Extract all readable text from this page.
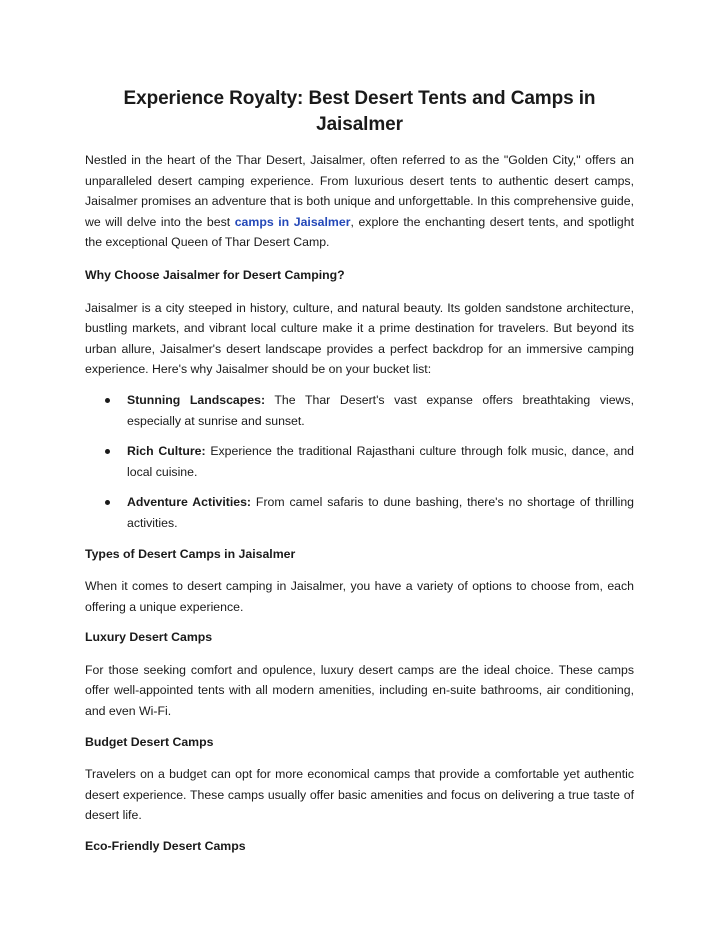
Experience Royalty: Best Desert Tents and Camps in Jaisalmer

Nestled in the heart of the Thar Desert, Jaisalmer, often referred to as the "Golden City," offers an unparalleled desert camping experience. From luxurious desert tents to authentic desert camps, Jaisalmer promises an adventure that is both unique and unforgettable. In this comprehensive guide, we will delve into the best camps in Jaisalmer, explore the enchanting desert tents, and spotlight the exceptional Queen of Thar Desert Camp.

Why Choose Jaisalmer for Desert Camping?

Jaisalmer is a city steeped in history, culture, and natural beauty. Its golden sandstone architecture, bustling markets, and vibrant local culture make it a prime destination for travelers. But beyond its urban allure, Jaisalmer's desert landscape provides a perfect backdrop for an immersive camping experience. Here's why Jaisalmer should be on your bucket list:

Stunning Landscapes: The Thar Desert's vast expanse offers breathtaking views, especially at sunrise and sunset.
Rich Culture: Experience the traditional Rajasthani culture through folk music, dance, and local cuisine.
Adventure Activities: From camel safaris to dune bashing, there's no shortage of thrilling activities.
Types of Desert Camps in Jaisalmer

When it comes to desert camping in Jaisalmer, you have a variety of options to choose from, each offering a unique experience.

Luxury Desert Camps

For those seeking comfort and opulence, luxury desert camps are the ideal choice. These camps offer well-appointed tents with all modern amenities, including en-suite bathrooms, air conditioning, and even Wi-Fi.

Budget Desert Camps

Travelers on a budget can opt for more economical camps that provide a comfortable yet authentic desert experience. These camps usually offer basic amenities and focus on delivering a true taste of desert life.

Eco-Friendly Desert Camps
